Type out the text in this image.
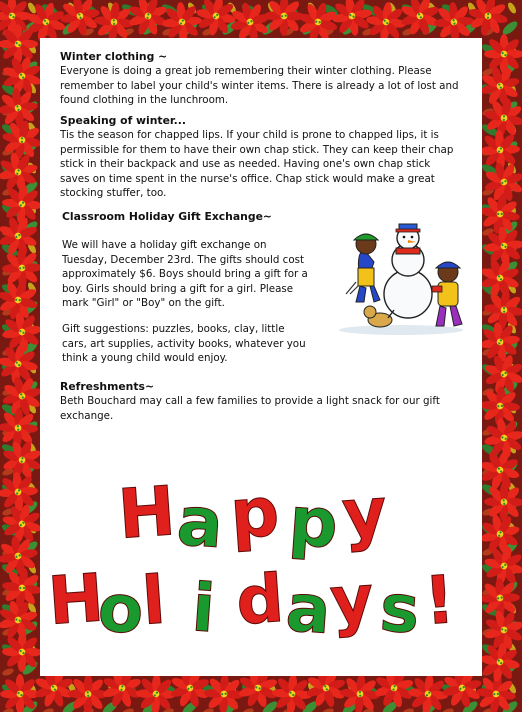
Winter clothing ~
Everyone is doing a great job remembering their winter clothing. Please remember to label your child's winter items. There is already a lot of lost and found clothing in the lunchroom.
Speaking of winter...
Tis the season for chapped lips. If your child is prone to chapped lips, it is permissible for them to have their own chap stick. They can keep their chap stick in their backpack and use as needed. Having one's own chap stick saves on time spent in the nurse's office. Chap stick would make a great stocking stuffer, too.
Classroom Holiday Gift Exchange~
We will have a holiday gift exchange on Tuesday, December 23rd. The gifts should cost approximately $6. Boys should bring a gift for a boy. Girls should bring a gift for a girl. Please mark "Girl" or "Boy" on the gift.
Gift suggestions: puzzles, books, clay, little cars, art supplies, activity books, whatever you think a young child would enjoy.
Refreshments~
Beth Bouchard may call a few families to provide a light snack for our gift exchange.
H
a p p y
H
o
l i d
a
y s !
